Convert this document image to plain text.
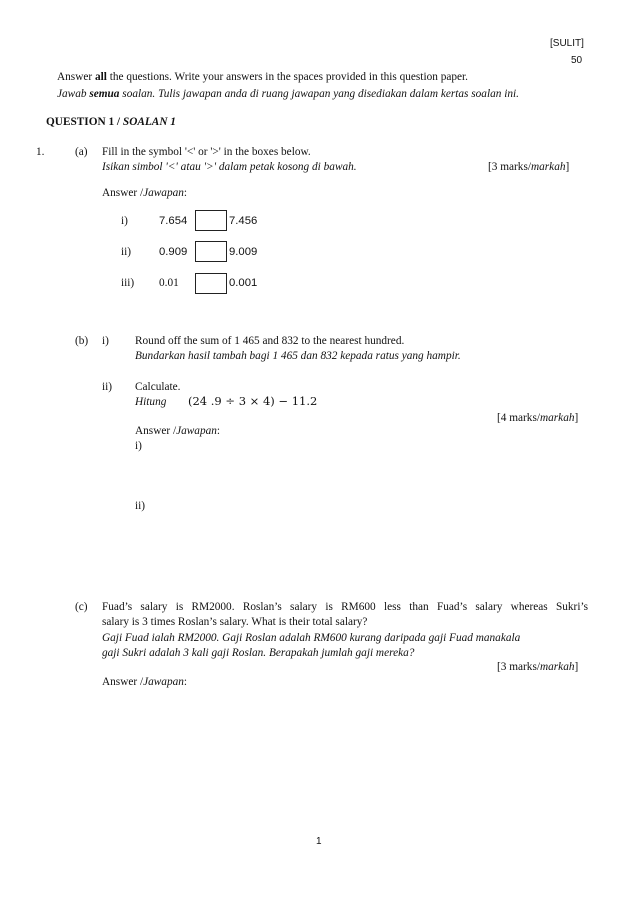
[SULIT]
50
Answer all the questions. Write your answers in the spaces provided in this question paper.
Jawab semua soalan. Tulis jawapan anda di ruang jawapan yang disediakan dalam kertas soalan ini.
QUESTION 1 / SOALAN 1
1.	(a) Fill in the symbol '<' or '>' in the boxes below.
Isikan simbol '<' atau '>' dalam petak kosong di bawah.	[3 marks/markah]
Answer /Jawapan:
i)	7.654	7.456
ii) 0.909	9.009
iii) 0.01	0.001
(b) i) Round off the sum of 1 465 and 832 to the nearest hundred.
Bundarkan hasil tambah bagi 1 465 dan 832 kepada ratus yang hampir.
ii) Calculate.
Hitung (24 .9 ÷ 3 × 4) − 11.2
[4 marks/markah]
Answer /Jawapan:
i)
ii)
(c) Fuad’s salary is RM2000. Roslan’s salary is RM600 less than Fuad’s salary whereas Sukri’s
salary is 3 times Roslan’s salary. What is their total salary?
Gaji Fuad ialah RM2000. Gaji Roslan adalah RM600 kurang daripada gaji Fuad manakala
gaji Sukri adalah 3 kali gaji Roslan. Berapakah jumlah gaji mereka?
[3 marks/markah]
Answer /Jawapan:
1
